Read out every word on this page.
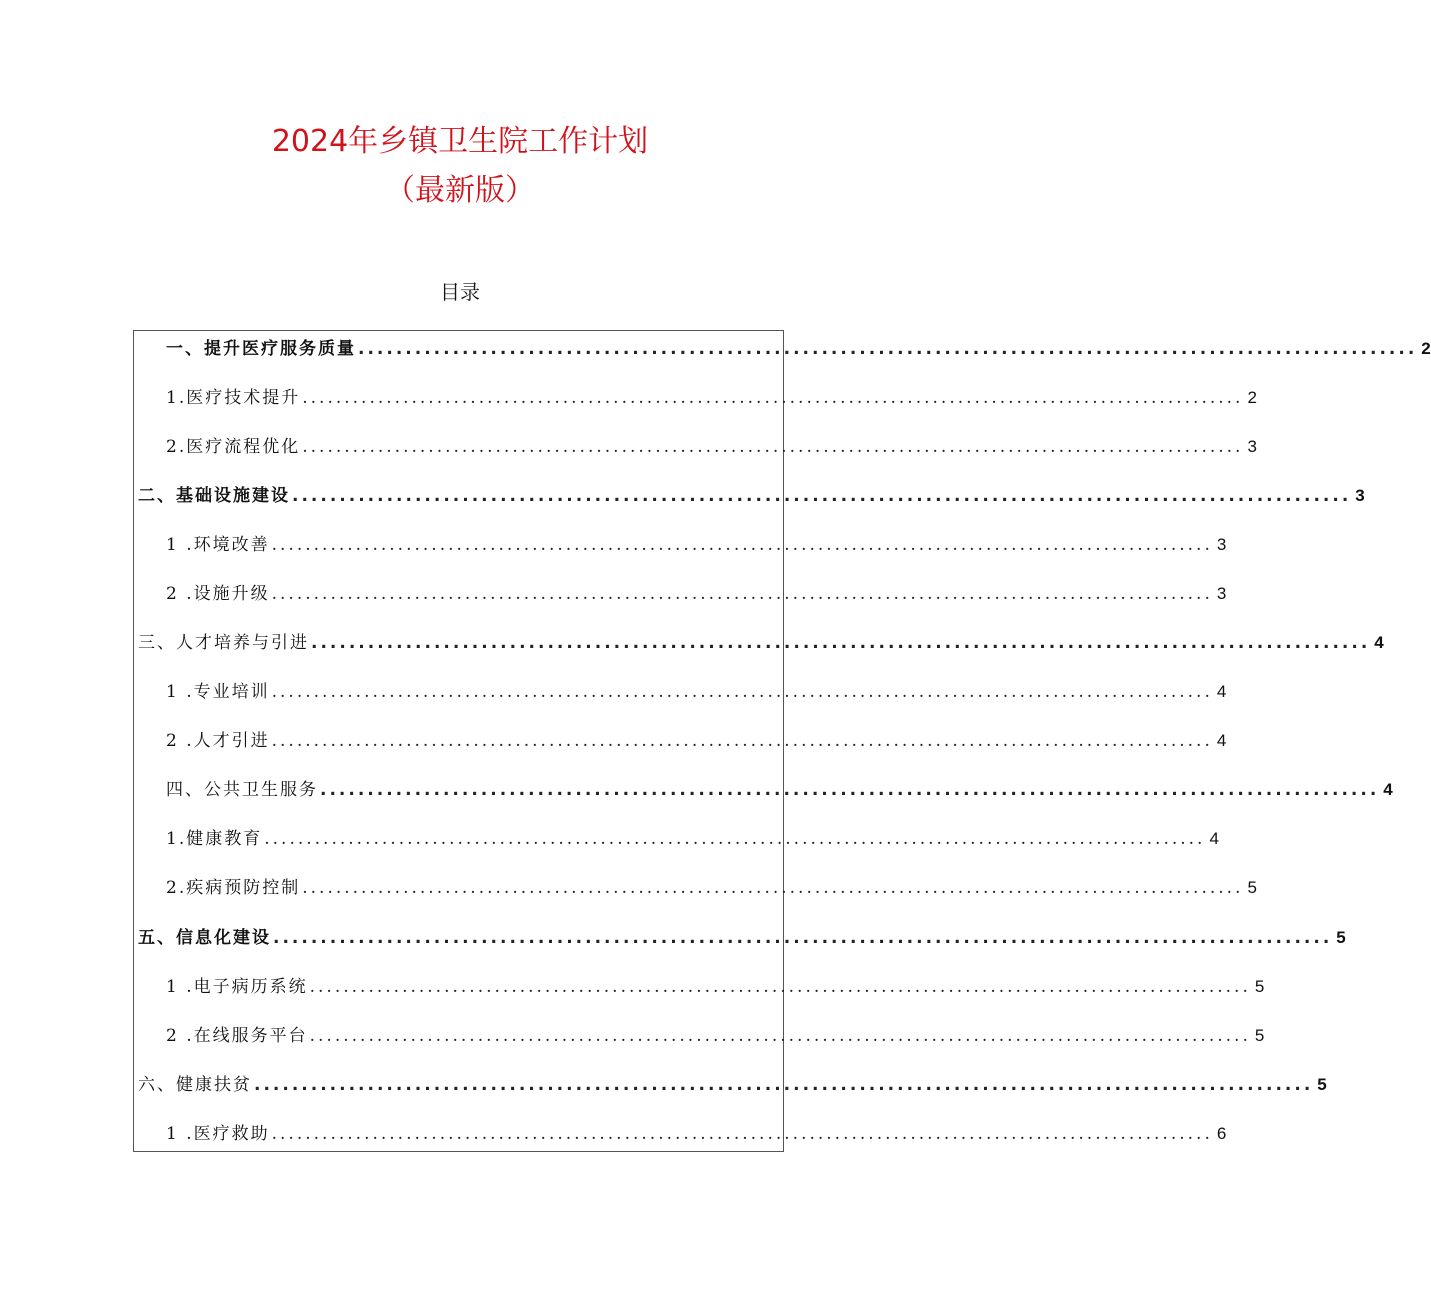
2024年乡镇卫生院工作计划
（最新版）
目录
一、提升医疗服务质量 ................................................................................................................ 2
1.医疗技术提升 ................................................................................................................ 2
2.医疗流程优化 ................................................................................................................ 3
二、基础设施建设 ................................................................................................................ 3
1 .环境改善 ................................................................................................................ 3
2 .设施升级 ................................................................................................................ 3
三、人才培养与引进 ................................................................................................................ 4
1 .专业培训 ................................................................................................................ 4
2 .人才引进 ................................................................................................................ 4
四、公共卫生服务 ................................................................................................................ 4
1.健康教育 ................................................................................................................ 4
2.疾病预防控制 ................................................................................................................ 5
五、信息化建设 ................................................................................................................ 5
1 .电子病历系统 ................................................................................................................ 5
2 .在线服务平台 ................................................................................................................ 5
六、健康扶贫 ................................................................................................................ 5
1 .医疗救助 ................................................................................................................ 6
